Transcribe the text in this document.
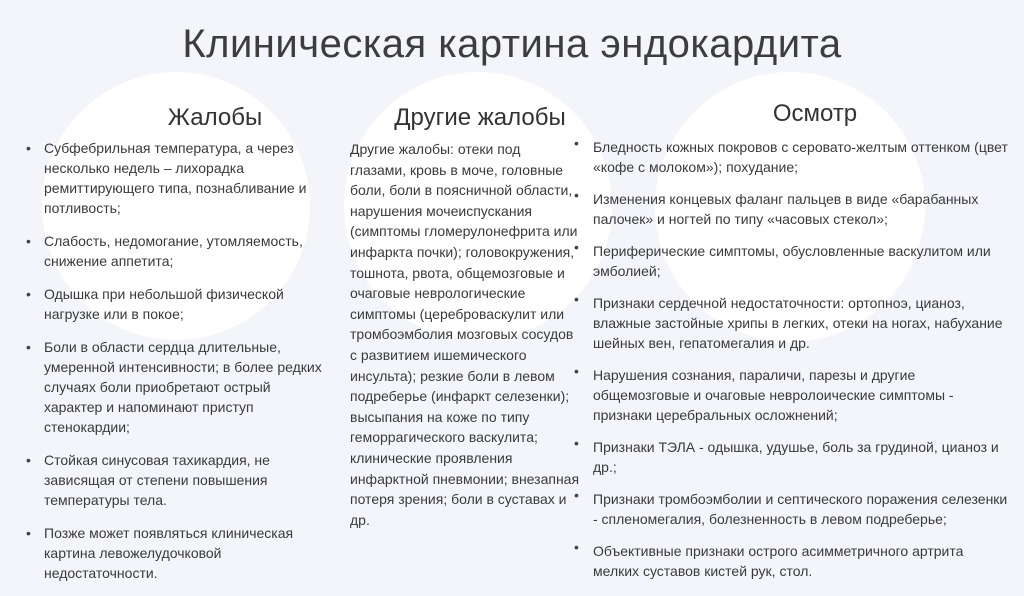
Клиническая картина эндокардита
Жалобы	Другие жалобы	Осмотр
• Субфебрильная температура, а через несколько недель – лихорадка ремиттирующего типа, познабливание и потливость;
• Слабость, недомогание, утомляемость, снижение аппетита;
• Одышка при небольшой физической нагрузке или в покое;
• Боли в области сердца длительные, умеренной интенсивности; в более редких случаях боли приобретают острый характер и напоминают приступ стенокардии;
• Стойкая синусовая тахикардия, не зависящая от степени повышения температуры тела.
• Позже может появляться клиническая картина левожелудочковой недостаточности.
Другие жалобы: отеки под глазами, кровь в моче, головные боли, боли в поясничной области, нарушения мочеиспускания (симптомы гломерулонефрита или инфаркта почки); головокружения, тошнота, рвота, общемозговые и очаговые неврологические симптомы (цереброваскулит или тромбоэмболия мозговых сосудов с развитием ишемического инсульта); резкие боли в левом подреберье (инфаркт селезенки); высыпания на коже по типу геморрагического васкулита; клинические проявления инфарктной пневмонии; внезапная потеря зрения; боли в суставах и др.
• Бледность кожных покровов с серовато-желтым оттенком (цвет «кофе с молоком»); похудание;
• Изменения концевых фаланг пальцев в виде «барабанных палочек» и ногтей по типу «часовых стекол»;
• Периферические симптомы, обусловленные васкулитом или эмболией;
• Признаки сердечной недостаточности: ортопноэ, цианоз, влажные застойные хрипы в легких, отеки на ногах, набухание шейных вен, гепатомегалия и др.
• Нарушения сознания, параличи, парезы и другие общемозговые и очаговые невролоические симптомы - признаки церебральных осложнений;
• Признаки ТЭЛА - одышка, удушье, боль за грудиной, цианоз и др.;
• Признаки тромбоэмболии и септического поражения селезенки - спленомегалия, болезненность в левом подреберье;
• Объективные признаки острого асимметричного артрита мелких суставов кистей рук, стол.
